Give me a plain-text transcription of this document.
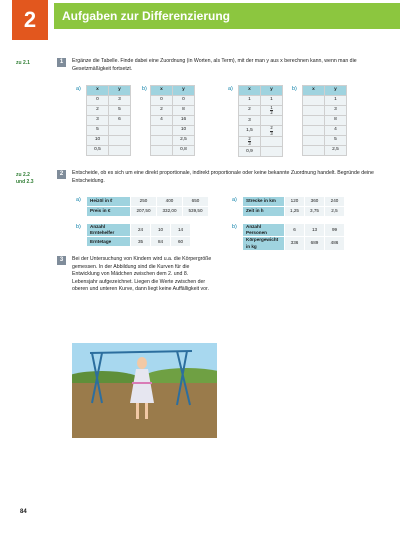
2	Aufgaben zur Differenzierung
zu 2.1	1	Ergänze die Tabelle. Finde dabei eine Zuordnung (in Worten, als Term), mit der man y aus x berechnen kann, wenn man die Gesetzmäßigkeit fortsetzt.
a)	x	y
0	3
2	5
3	6
5	
10	
0,5	
b)	x	y
0	0
2	8
4	16
	10
	2,5
	0,8
a)	x	y
1	1
2	$\frac{1}{2}$

3	
1,5	$\frac{2}{3}$

$\frac{2}{3}$

0,9	
b)	x	y
	1
	3
	8
	4
	5
	2,5
zu 2.2
und 2.3
2	Entscheide, ob es sich um eine direkt proportionale, indirekt proportionale oder keine bekannte Zuordnung handelt. Begründe deine Entscheidung.
a) Heizöl in ℓ	250	400	650
Preis in €	207,50	332,00	539,50
b) Anzahl Erntehelfer	24	10	14
Erntetage	35	84	60
a) Strecke in km	120	360	240
Zeit in h	1,25	3,75	2,5
b) Anzahl Personen	6	13	99
Körpergewicht in kg	336	689	486
3	Bei der Untersuchung von Kindern wird u.a. die Körpergröße gemessen. In der Abbildung sind die Kurven für die Entwicklung von Mädchen zwischen dem 2. und 8. Lebensjahr aufgezeichnet. Liegen die Werte zwischen der oberen und unteren Kurve, dann liegt keine Auffälligkeit vor.
84
